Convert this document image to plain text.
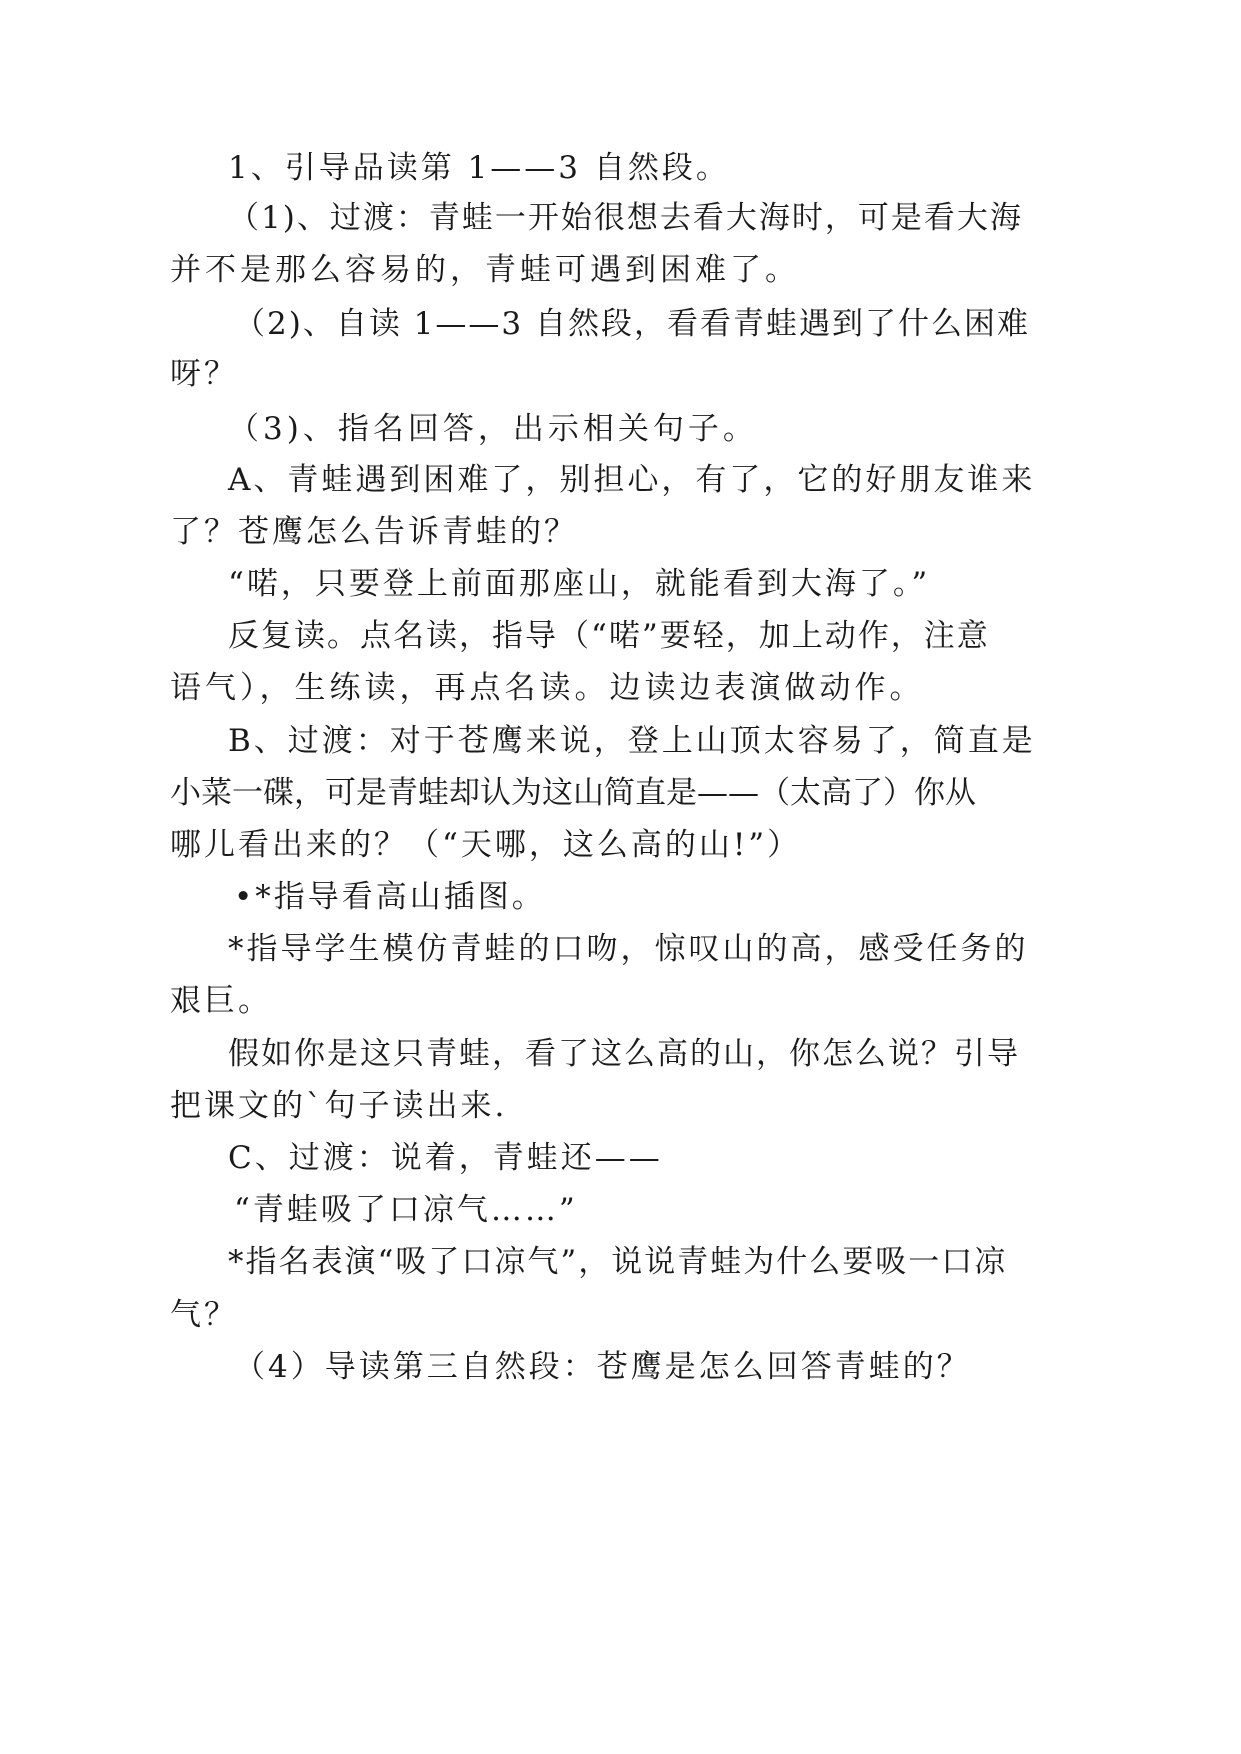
1、引导品读第 1——3 自然段。
（1)、过渡：青蛙一开始很想去看大海时，可是看大海
并不是那么容易的，青蛙可遇到困难了。
（2)、自读 1——3 自然段，看看青蛙遇到了什么困难
呀？
（3)、指名回答，出示相关句子。
A、青蛙遇到困难了，别担心，有了，它的好朋友谁来
了？苍鹰怎么告诉青蛙的？
“喏，只要登上前面那座山，就能看到大海了。”
反复读。点名读，指导（“喏”要轻，加上动作，注意
语气），生练读，再点名读。边读边表演做动作。
B、过渡：对于苍鹰来说，登上山顶太容易了，简直是
小菜一碟，可是青蛙却认为这山简直是——（太高了）你从
哪儿看出来的？（“天哪，这么高的山!”）
•*指导看高山插图。
*指导学生模仿青蛙的口吻，惊叹山的高，感受任务的
艰巨。
假如你是这只青蛙，看了这么高的山，你怎么说？引导
把课文的`句子读出来.
C、过渡：说着，青蛙还——
“青蛙吸了口凉气……”
*指名表演“吸了口凉气”，说说青蛙为什么要吸一口凉
气？
（4）导读第三自然段：苍鹰是怎么回答青蛙的？
